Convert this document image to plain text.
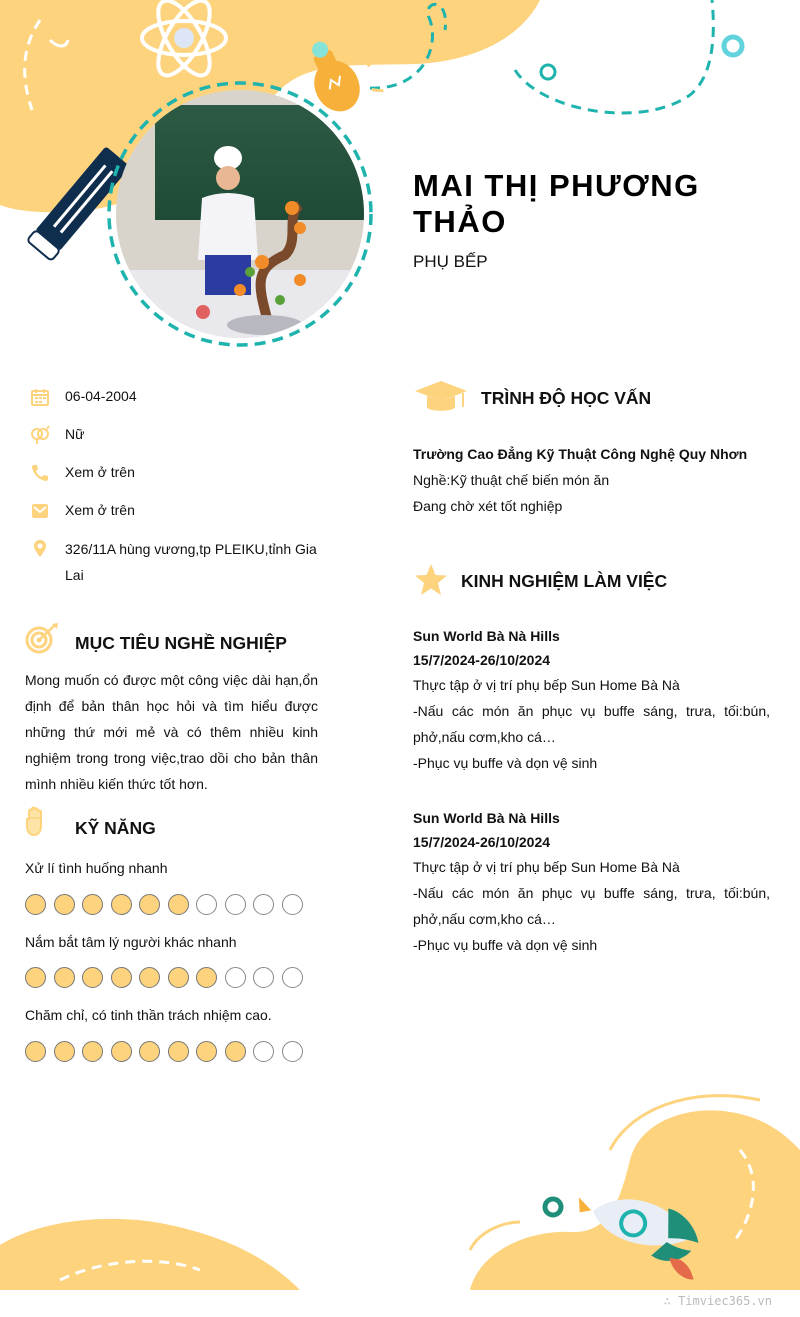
MAI THỊ PHƯƠNG THẢO
PHỤ BẾP
06-04-2004
Nữ
Xem ở trên
Xem ở trên
326/11A hùng vương,tp PLEIKU,tỉnh Gia Lai
MỤC TIÊU NGHỀ NGHIỆP
Mong muốn có được một công việc dài hạn,ổn định để bản thân học hỏi và tìm hiểu được những thứ mới mẻ và có thêm nhiều kinh nghiệm trong trong việc,trao dồi cho bản thân mình nhiều kiến thức tốt hơn.
KỸ NĂNG
Xử lí tình huống nhanh
Nắm bắt tâm lý người khác nhanh
Chăm chỉ, có tinh thần trách nhiệm cao.
TRÌNH ĐỘ HỌC VẤN
Trường Cao Đẳng Kỹ Thuật Công Nghệ Quy Nhơn
Nghề:Kỹ thuật chế biến món ăn
Đang chờ xét tốt nghiệp
KINH NGHIỆM LÀM VIỆC
Sun World Bà Nà Hills
15/7/2024-26/10/2024
Thực tập ở vị trí phụ bếp Sun Home Bà Nà
-Nấu các món ăn phục vụ buffe sáng, trưa, tối:bún, phở,nấu cơm,kho cá…
-Phục vụ buffe và dọn vệ sinh
Sun World Bà Nà Hills
15/7/2024-26/10/2024
Thực tập ở vị trí phụ bếp Sun Home Bà Nà
-Nấu các món ăn phục vụ buffe sáng, trưa, tối:bún, phở,nấu cơm,kho cá…
-Phục vụ buffe và dọn vệ sinh
∴ Timviec365.vn
